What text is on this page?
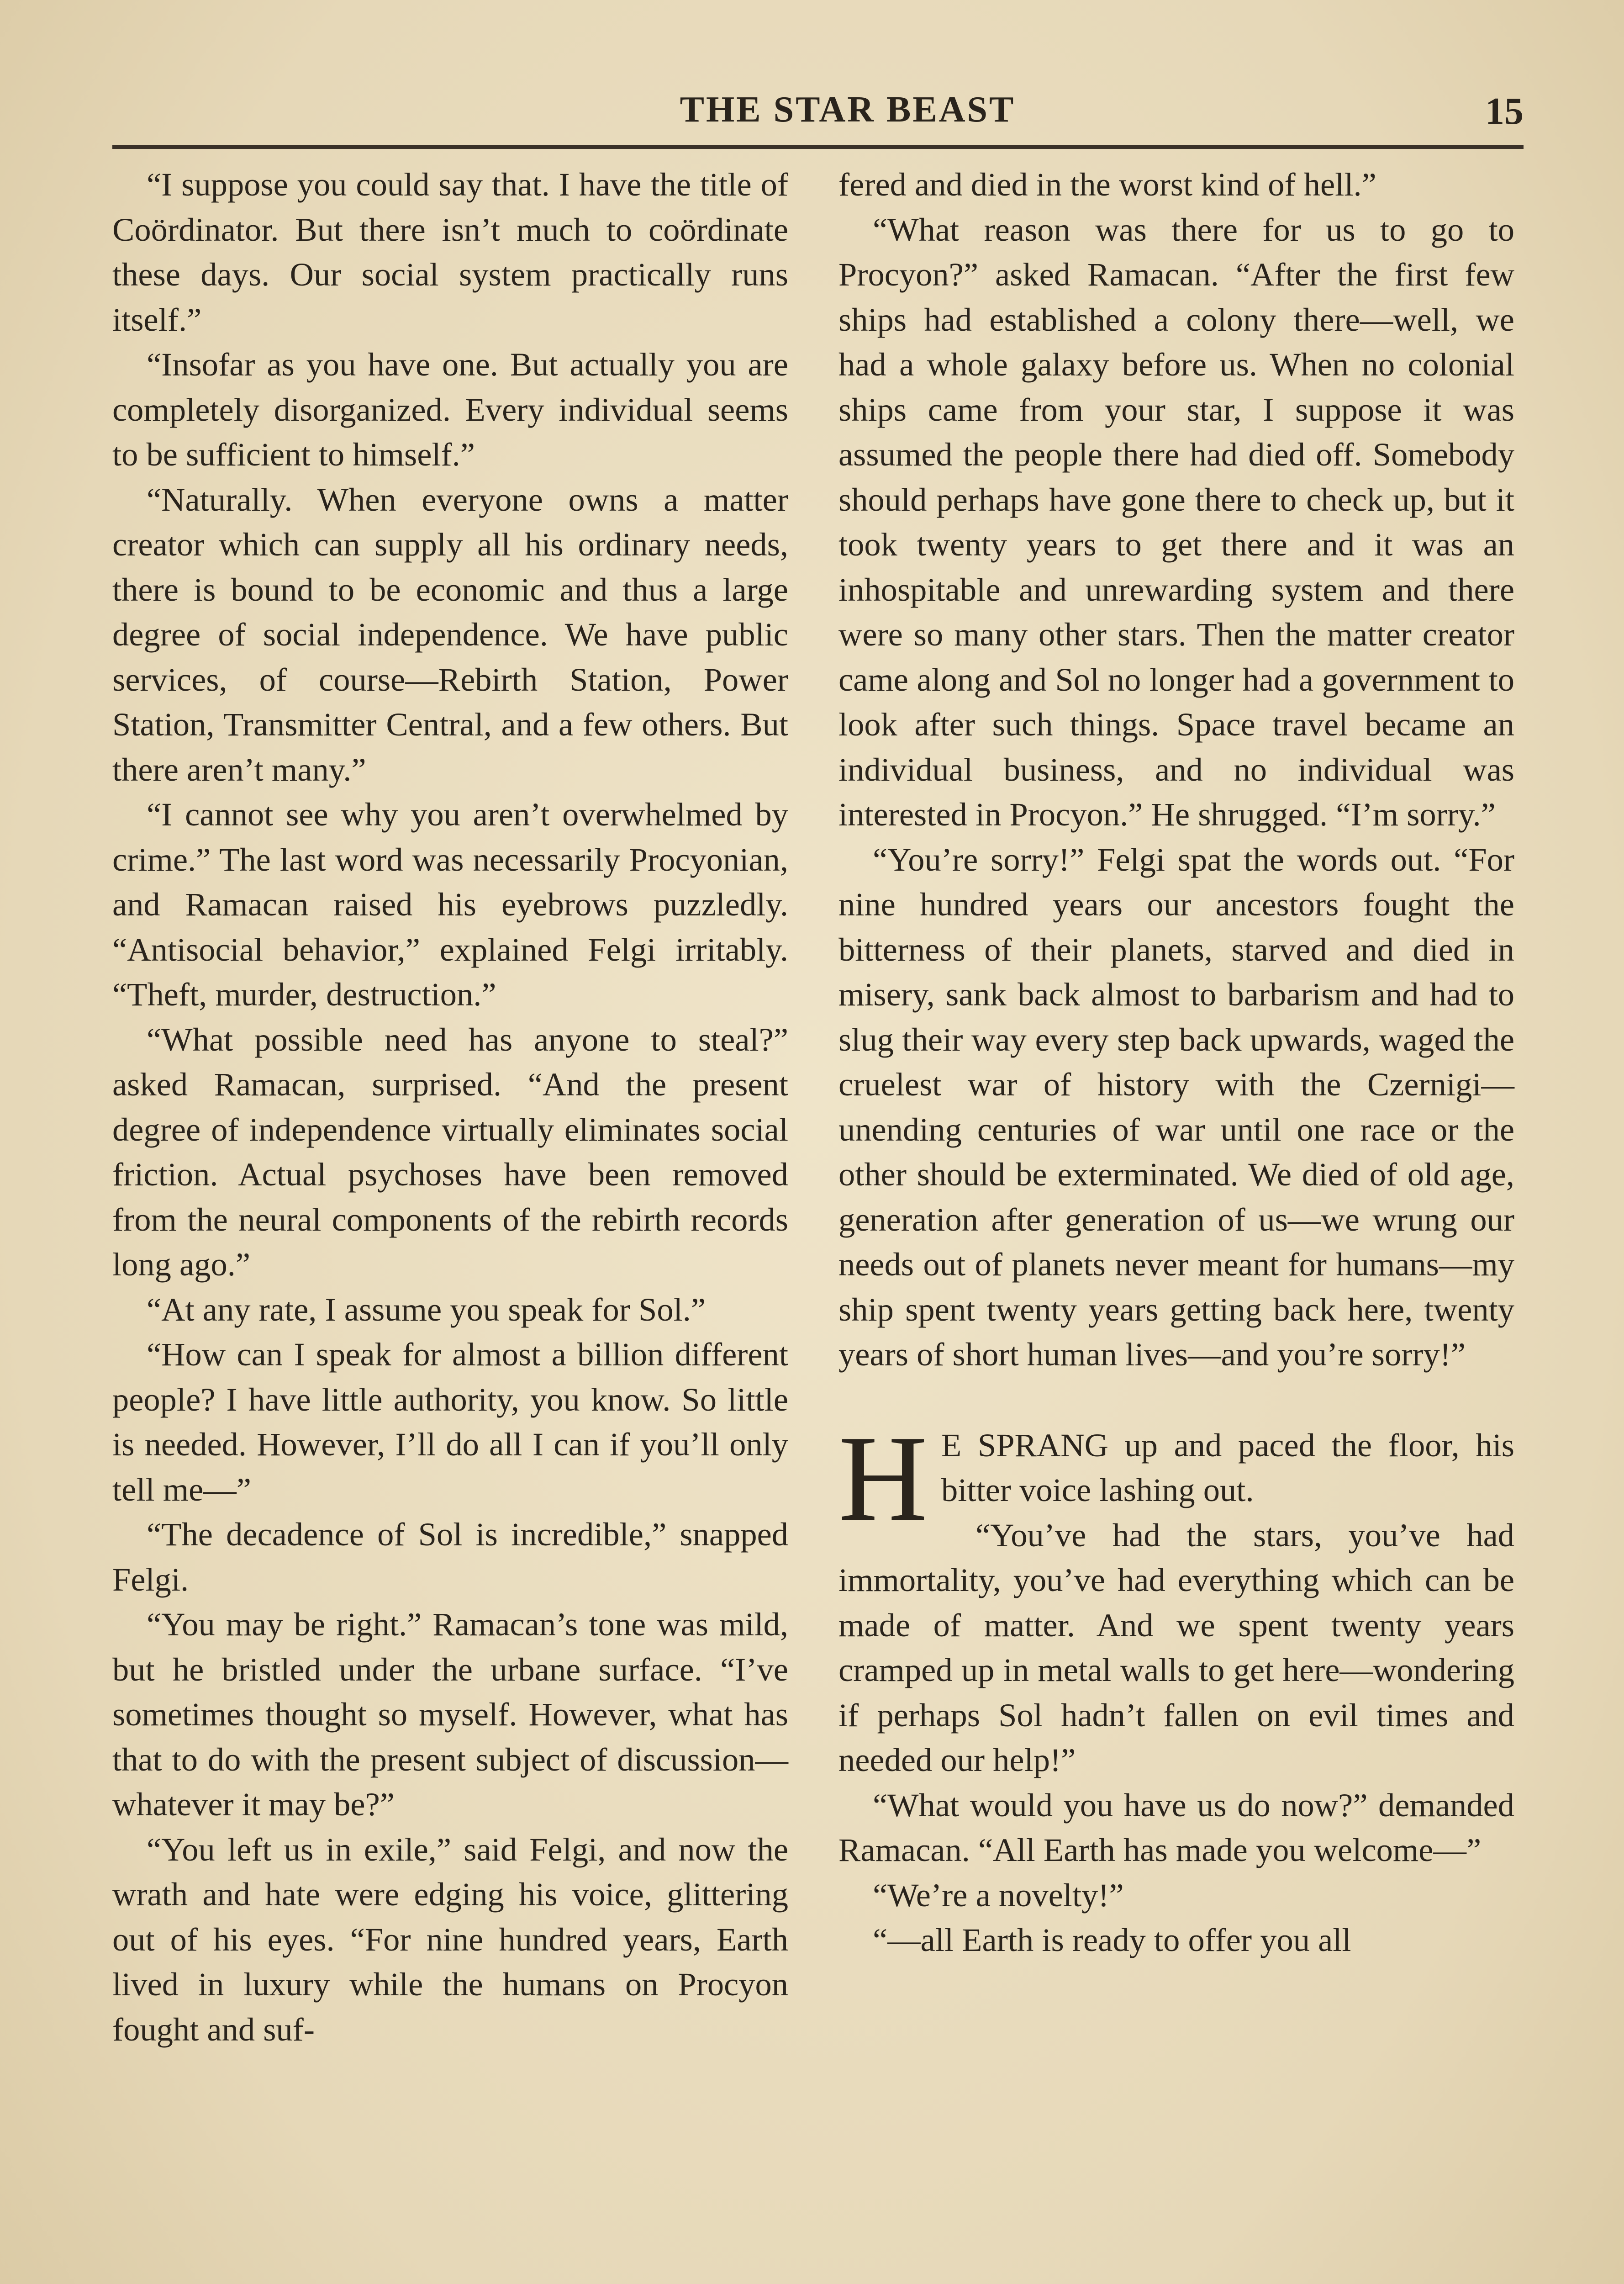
THE STAR BEAST	15

“I suppose you could say that. I have the title of Coördinator. But there isn’t much to coördinate these days. Our social system practically runs itself.”

“Insofar as you have one. But actually you are completely disorganized. Every individual seems to be sufficient to himself.”

“Naturally. When everyone owns a matter creator which can supply all his ordinary needs, there is bound to be economic and thus a large degree of social independence. We have public services, of course—Rebirth Station, Power Station, Transmitter Central, and a few others. But there aren’t many.”

“I cannot see why you aren’t overwhelmed by crime.” The last word was necessarily Procyonian, and Ramacan raised his eyebrows puzzledly. “Antisocial behavior,” explained Felgi irritably. “Theft, murder, destruction.”

“What possible need has anyone to steal?” asked Ramacan, surprised. “And the present degree of independence virtually eliminates social friction. Actual psychoses have been removed from the neural components of the rebirth records long ago.”

“At any rate, I assume you speak for Sol.”

“How can I speak for almost a billion different people? I have little authority, you know. So little is needed. However, I’ll do all I can if you’ll only tell me—”

“The decadence of Sol is incredible,” snapped Felgi.

“You may be right.” Ramacan’s tone was mild, but he bristled under the urbane surface. “I’ve sometimes thought so myself. However, what has that to do with the present subject of discussion—whatever it may be?”

“You left us in exile,” said Felgi, and now the wrath and hate were edging his voice, glittering out of his eyes. “For nine hundred years, Earth lived in luxury while the humans on Procyon fought and suf-

fered and died in the worst kind of hell.”

“What reason was there for us to go to Procyon?” asked Ramacan. “After the first few ships had established a colony there—well, we had a whole galaxy before us. When no colonial ships came from your star, I suppose it was assumed the people there had died off. Somebody should perhaps have gone there to check up, but it took twenty years to get there and it was an inhospitable and unrewarding system and there were so many other stars. Then the matter creator came along and Sol no longer had a government to look after such things. Space travel became an individual business, and no individual was interested in Procyon.” He shrugged. “I’m sorry.”

“You’re sorry!” Felgi spat the words out. “For nine hundred years our ancestors fought the bitterness of their planets, starved and died in misery, sank back almost to barbarism and had to slug their way every step back upwards, waged the cruelest war of history with the Czernigi—unending centuries of war until one race or the other should be exterminated. We died of old age, generation after generation of us—we wrung our needs out of planets never meant for humans—my ship spent twenty years getting back here, twenty years of short human lives—and you’re sorry!”

H E SPRANG up and paced the floor, his bitter voice lashing out.

“You’ve had the stars, you’ve had immortality, you’ve had everything which can be made of matter. And we spent twenty years cramped up in metal walls to get here—wondering if perhaps Sol hadn’t fallen on evil times and needed our help!”

“What would you have us do now?” demanded Ramacan. “All Earth has made you welcome—”

“We’re a novelty!”

“—all Earth is ready to offer you all
